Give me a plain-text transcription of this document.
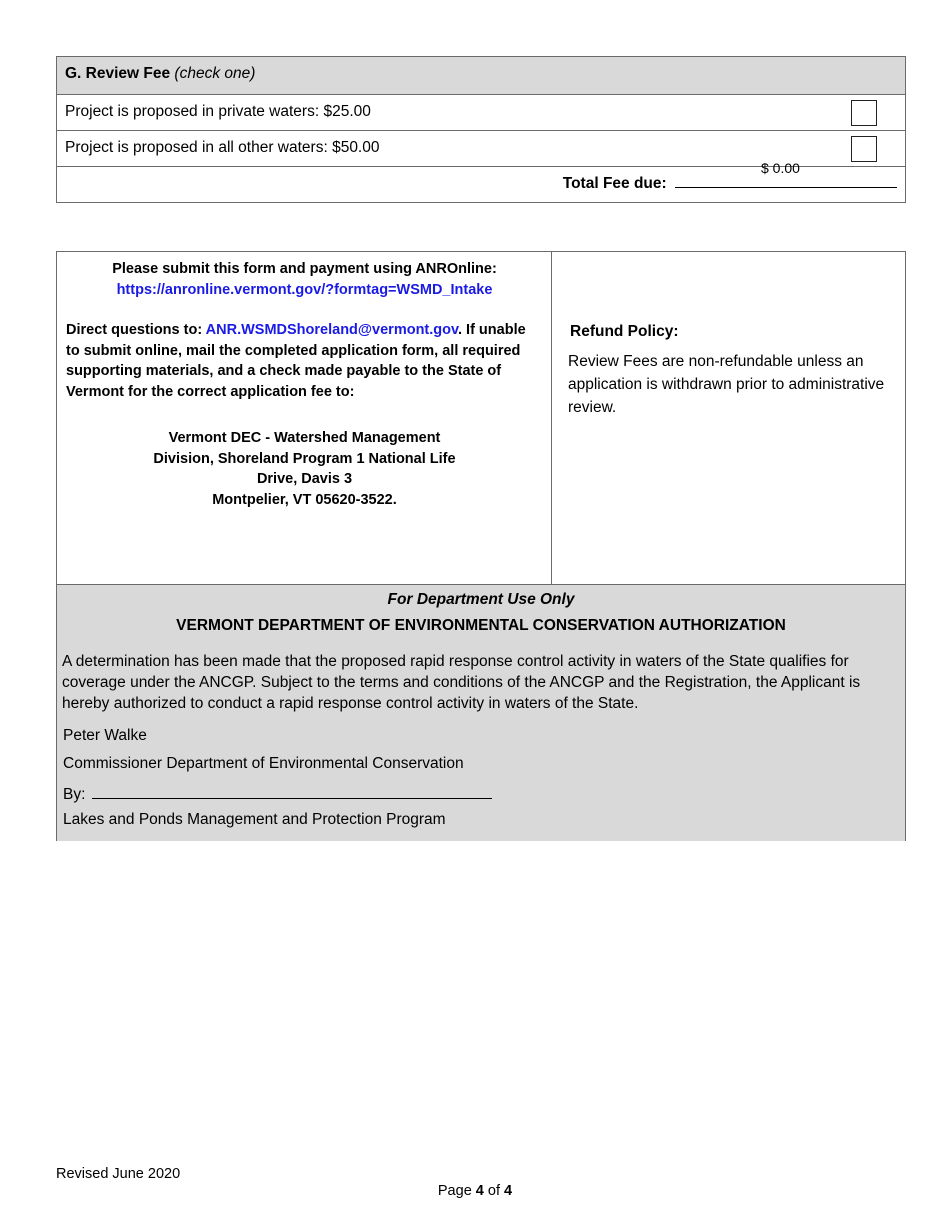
G. Review Fee (check one)
Project is proposed in private waters: $25.00
Project is proposed in all other waters: $50.00
Total Fee due:
$ 0.00
Please submit this form and payment using ANROnline:
https://anronline.vermont.gov/?formtag=WSMD_Intake
Direct questions to: ANR.WSMDShoreland@vermont.gov. If unable to submit online, mail the completed application form, all required supporting materials, and a check made payable to the State of Vermont for the correct application fee to:
Vermont DEC - Watershed Management
Division, Shoreland Program 1 National Life
Drive, Davis 3
Montpelier, VT 05620-3522.
Refund Policy:
Review Fees are non-refundable unless an application is withdrawn prior to administrative review.
For Department Use Only
VERMONT DEPARTMENT OF ENVIRONMENTAL CONSERVATION AUTHORIZATION
A determination has been made that the proposed rapid response control activity in waters of the State qualifies for coverage under the ANCGP. Subject to the terms and conditions of the ANCGP and the Registration, the Applicant is hereby authorized to conduct a rapid response control activity in waters of the State.
Peter Walke
Commissioner Department of Environmental Conservation
By:
Lakes and Ponds Management and Protection Program
Revised June 2020
Page 4 of 4
